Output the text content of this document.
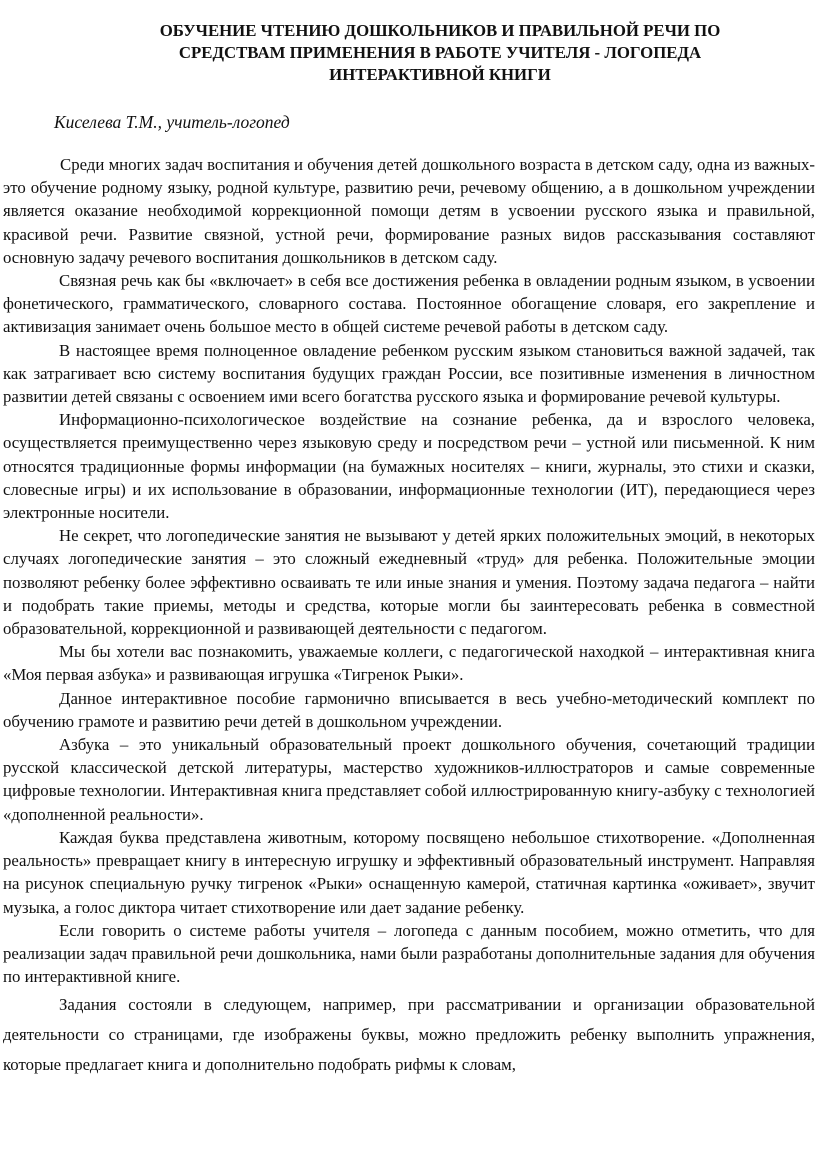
ОБУЧЕНИЕ ЧТЕНИЮ ДОШКОЛЬНИКОВ И ПРАВИЛЬНОЙ РЕЧИ ПО
СРЕДСТВАМ ПРИМЕНЕНИЯ В РАБОТЕ УЧИТЕЛЯ - ЛОГОПЕДА
ИНТЕРАКТИВНОЙ КНИГИ
Киселева Т.М., учитель-логопед

Среди многих задач воспитания и обучения детей дошкольного возраста в детском саду, одна из важных- это обучение родному языку, родной культуре, развитию речи, речевому общению, а в дошкольном учреждении является оказание необходимой коррекционной помощи детям в усвоении русского языка и правильной, красивой речи. Развитие связной, устной речи, формирование разных видов рассказывания составляют основную задачу речевого воспитания дошкольников в детском саду.

Связная речь как бы «включает» в себя все достижения ребенка в овладении родным языком, в усвоении фонетического, грамматического, словарного состава. Постоянное обогащение словаря, его закрепление и активизация занимает очень большое место в общей системе речевой работы в детском саду.

В настоящее время полноценное овладение ребенком русским языком становиться важной задачей, так как затрагивает всю систему воспитания будущих граждан России, все позитивные изменения в личностном развитии детей связаны с освоением ими всего богатства русского языка и формирование речевой культуры.

Информационно-психологическое воздействие на сознание ребенка, да и взрослого человека, осуществляется преимущественно через языковую среду и посредством речи – устной или письменной. К ним относятся традиционные формы информации (на бумажных носителях – книги, журналы, это стихи и сказки, словесные игры) и их использование в образовании, информационные технологии (ИТ), передающиеся через электронные носители.

Не секрет, что логопедические занятия не вызывают у детей ярких положительных эмоций, в некоторых случаях логопедические занятия – это сложный ежедневный «труд» для ребенка. Положительные эмоции позволяют ребенку более эффективно осваивать те или иные знания и умения. Поэтому задача педагога – найти и подобрать такие приемы, методы и средства, которые могли бы заинтересовать ребенка в совместной образовательной, коррекционной и развивающей деятельности с педагогом.

Мы бы хотели вас познакомить, уважаемые коллеги, с педагогической находкой – интерактивная книга «Моя первая азбука» и развивающая игрушка «Тигренок Рыки».

Данное интерактивное пособие гармонично вписывается в весь учебно-методический комплект по обучению грамоте и развитию речи детей в дошкольном учреждении.

Азбука – это уникальный образовательный проект дошкольного обучения, сочетающий традиции русской классической детской литературы, мастерство художников-иллюстраторов и самые современные цифровые технологии. Интерактивная книга представляет собой иллюстрированную книгу-азбуку с технологией «дополненной реальности».

Каждая буква представлена животным, которому посвящено небольшое стихотворение. «Дополненная реальность» превращает книгу в интересную игрушку и эффективный образовательный инструмент. Направляя на рисунок специальную ручку тигренок «Рыки» оснащенную камерой, статичная картинка «оживает», звучит музыка, а голос диктора читает стихотворение или дает задание ребенку.

Если говорить о системе работы учителя – логопеда с данным пособием, можно отметить, что для реализации задач правильной речи дошкольника, нами были разработаны дополнительные задания для обучения по интерактивной книге.

Задания состояли в следующем, например, при рассматривании и организации образовательной деятельности со страницами, где изображены буквы, можно предложить ребенку выполнить упражнения, которые предлагает книга и дополнительно подобрать рифмы к словам,
